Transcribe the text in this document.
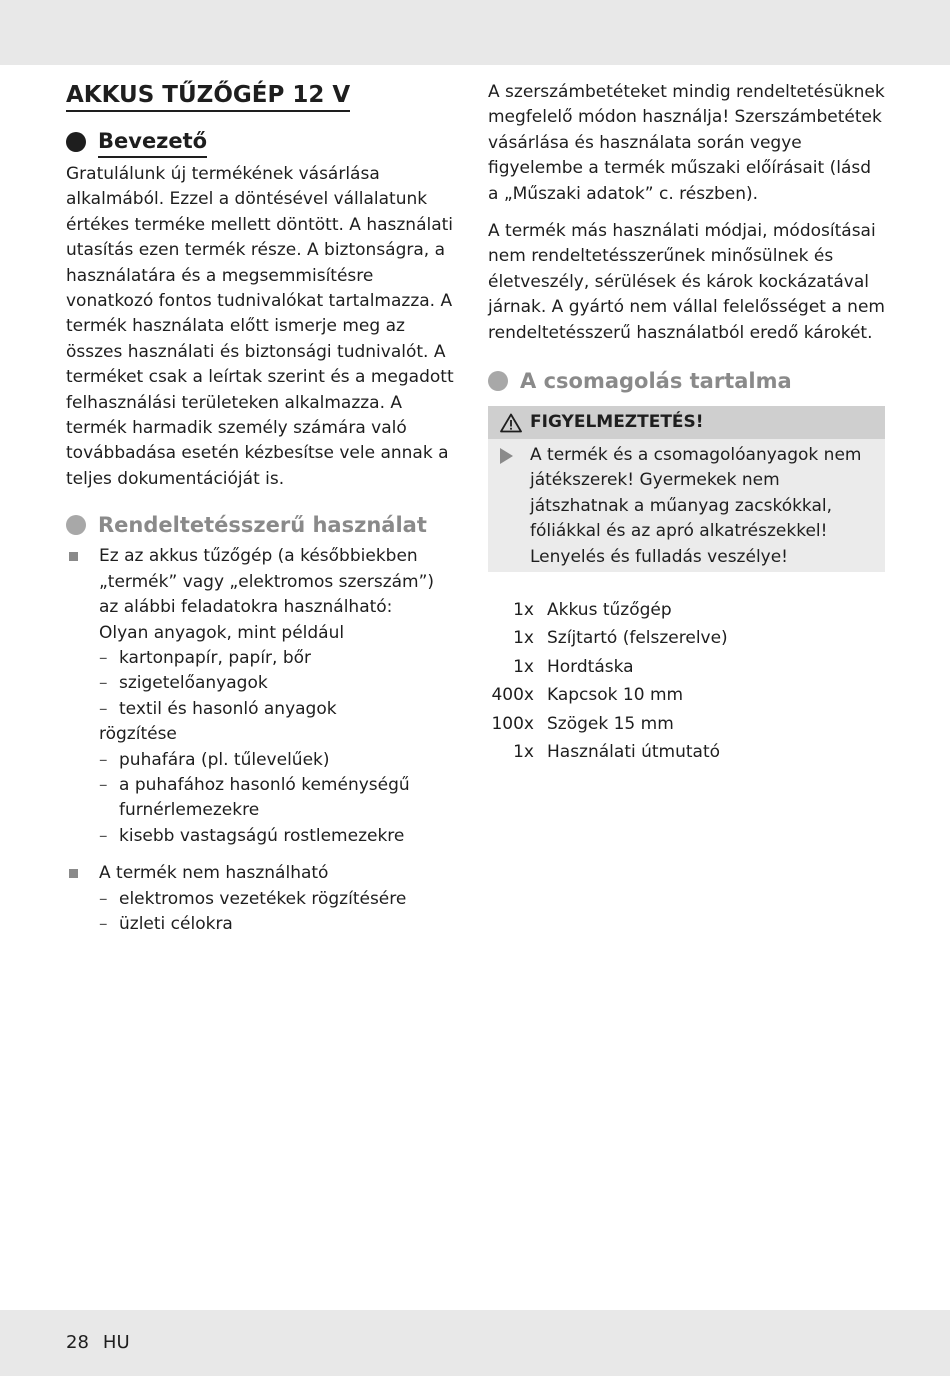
AKKUS TŰZŐGÉP 12 V
Bevezető

Gratulálunk új termékének vásárlása alkalmából. Ezzel a döntésével vállalatunk értékes terméke mellett döntött. A használati utasítás ezen termék része. A biztonságra, a használatára és a megsemmisítésre vonatkozó fontos tudnivalókat tartalmazza. A termék használata előtt ismerje meg az összes használati és biztonsági tudnivalót. A terméket csak a leírtak szerint és a megadott felhasználási területeken alkalmazza. A termék harmadik személy számára való továbbadása esetén kézbesítse vele annak a teljes dokumentációját is.

Rendeltetésszerű használat

Ez az akkus tűzőgép (a későbbiekben „termék” vagy „elektromos szerszám”) az alábbi feladatokra használható:

Olyan anyagok, mint például

– kartonpapír, papír, bőr
– szigetelőanyagok
– textil és hasonló anyagok

rögzítése

– puhafára (pl. tűlevelűek)
– a puhafához hasonló keménységű furnérlemezekre
– kisebb vastagságú rostlemezekre

A termék nem használható

– elektromos vezetékek rögzítésére
– üzleti célokra

A szerszámbetéteket mindig rendeltetésüknek megfelelő módon használja! Szerszámbetétek vásárlása és használata során vegye figyelembe a termék műszaki előírásait (lásd a „Műszaki adatok” c. részben).

A termék más használati módjai, módosításai nem rendeltetésszerűnek minősülnek és életveszély, sérülések és károk kockázatával járnak. A gyártó nem vállal felelősséget a nem rendeltetésszerű használatból eredő károkét.

A csomagolás tartalma
FIGYELMEZTETÉS!

A termék és a csomagolóanyagok nem játékszerek! Gyermekek nem játszhatnak a műanyag zacskókkal, fóliákkal és az apró alkatrészekkel! Lenyelés és fulladás veszélye!

1x Akkus tűzőgép
1x Szíjtartó (felszerelve)
1x Hordtáska
400x Kapcsok 10 mm
100x Szögek 15 mm
1x Használati útmutató
28 HU
